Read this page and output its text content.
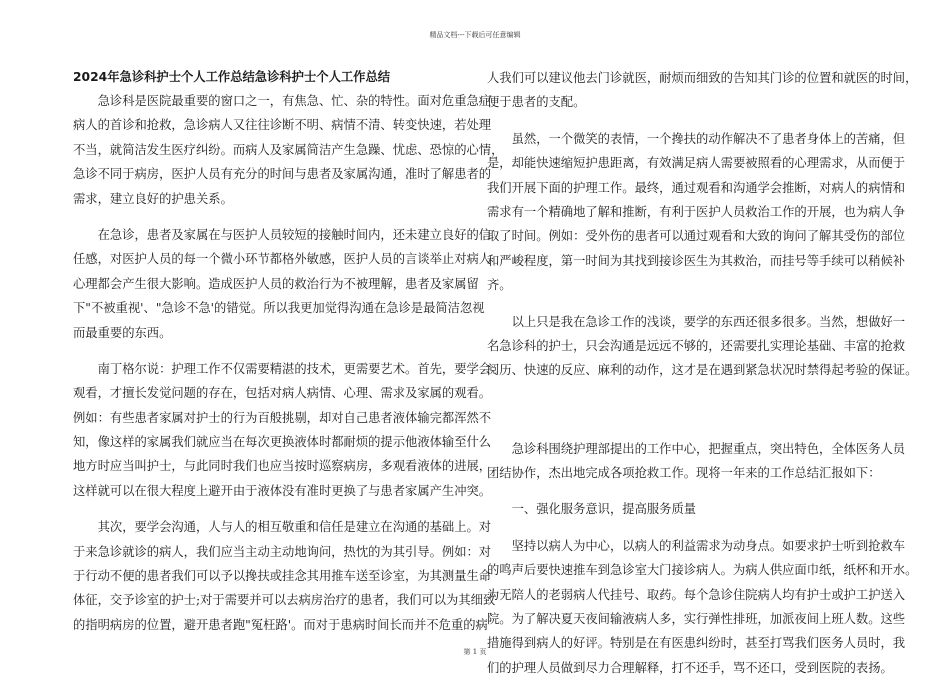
精品文档---下载后可任意编辑
2024年急诊科护士个人工作总结急诊科护士个人工作总结
　　急诊科是医院最重要的窗口之一，有焦急、忙、杂的特性。面对危重急症
病人的首诊和抢救，急诊病人又往往诊断不明、病情不清、转变快速，若处理
不当，就简洁发生医疗纠纷。而病人及家属简洁产生急躁、忧虑、恐惊的心情，
急诊不同于病房，医护人员有充分的时间与患者及家属沟通，准时了解患者的
需求，建立良好的护患关系。
　　在急诊，患者及家属在与医护人员较短的接触时间内，还未建立良好的信
任感，对医护人员的每一个微小环节都格外敏感，医护人员的言谈举止对病人
心理都会产生很大影响。造成医护人员的救治行为不被理解，患者及家属留
下"不被重视'、"急诊不急'的错觉。所以我更加觉得沟通在急诊是最简洁忽视
而最重要的东西。
　　南丁格尔说：护理工作不仅需要精湛的技术，更需要艺术。首先，要学会
观看，才擅长发觉问题的存在，包括对病人病情、心理、需求及家属的观看。
例如：有些患者家属对护士的行为百般挑剔，却对自己患者液体输完都浑然不
知，像这样的家属我们就应当在每次更换液体时都耐烦的提示他液体输至什么
地方时应当叫护士，与此同时我们也应当按时巡察病房，多观看液体的进展，
这样就可以在很大程度上避开由于液体没有准时更换了与患者家属产生冲突。
　　其次，要学会沟通，人与人的相互敬重和信任是建立在沟通的基础上。对
于来急诊就诊的病人，我们应当主动主动地询问，热忱的为其引导。例如：对
于行动不便的患者我们可以予以搀扶或挂念其用推车送至诊室，为其测量生命
体征，交予诊室的护士;对于需要并可以去病房治疗的患者，我们可以为其细致
的指明病房的位置，避开患者跑"冤枉路'。而对于患病时间长而并不危重的病
人我们可以建议他去门诊就医，耐烦而细致的告知其门诊的位置和就医的时间，
便于患者的支配。
　　虽然，一个微笑的表情，一个搀扶的动作解决不了患者身体上的苦痛，但
是，却能快速缩短护患距离，有效满足病人需要被照看的心理需求，从而便于
我们开展下面的护理工作。最终，通过观看和沟通学会推断，对病人的病情和
需求有一个精确地了解和推断，有利于医护人员救治工作的开展，也为病人争
取了时间。例如：受外伤的患者可以通过观看和大致的询问了解其受伤的部位
和严峻程度，第一时间为其找到接诊医生为其救治，而挂号等手续可以稍候补
齐。
　　以上只是我在急诊工作的浅谈，要学的东西还很多很多。当然，想做好一
名急诊科的护士，只会沟通是远远不够的，还需要扎实理论基础、丰富的抢救
阅历、快速的反应、麻利的动作，这才是在遇到紧急状况时禁得起考验的保证。
　　急诊科围绕护理部提出的工作中心，把握重点，突出特色，全体医务人员
团结协作，杰出地完成各项抢救工作。现将一年来的工作总结汇报如下：
　　一、强化服务意识，提高服务质量
　　坚持以病人为中心，以病人的利益需求为动身点。如要求护士听到抢救车
的鸣声后要快速推车到急诊室大门接诊病人。为病人供应面巾纸，纸杯和开水。
为无陪人的老弱病人代挂号、取药。每个急诊住院病人均有护士或护工护送入
院。为了解决夏天夜间输液病人多，实行弹性排班，加派夜间上班人数。这些
措施得到病人的好评。特别是在有医患纠纷时，甚至打骂我们医务人员时，我
们的护理人员做到尽力合理解释，打不还手，骂不还口，受到医院的表扬。
第 1 页
